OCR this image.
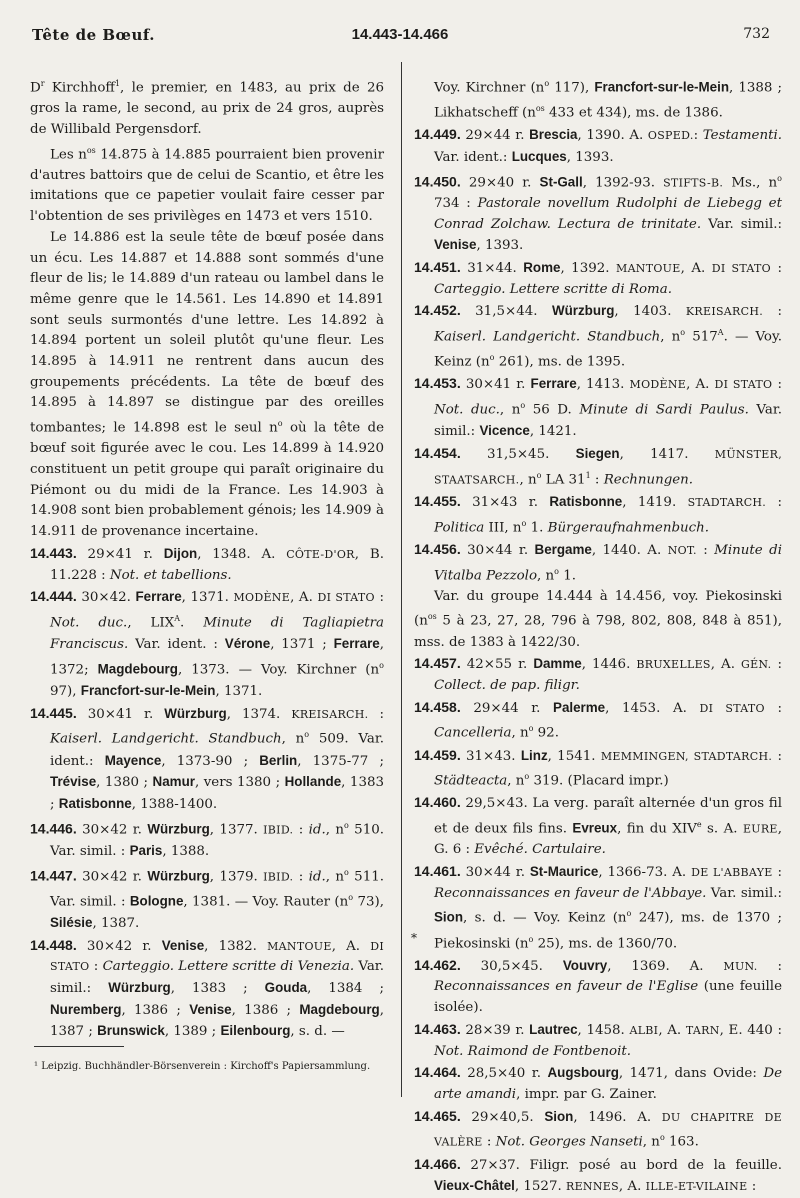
Tête de Bœuf.	14.443-14.466	732

$D^r$ Kirchhoff$^1$, le premier, en 1483, au prix de 26 gros la rame, le second, au prix de 24 gros, auprès de Willibald Pergensdorf.

Les $n^{os}$ 14.875 à 14.885 pourraient bien provenir d'autres battoirs que de celui de Scantio, et être les imitations que ce papetier voulait faire cesser par l'obtention de ses privilèges en 1473 et vers 1510.

Le 14.886 est la seule tête de bœuf posée dans un écu. Les 14.887 et 14.888 sont sommés d'une fleur de lis; le 14.889 d'un rateau ou lambel dans le même genre que le 14.561. Les 14.890 et 14.891 sont seuls surmontés d'une lettre. Les 14.892 à 14.894 portent un soleil plutôt qu'une fleur. Les 14.895 à 14.911 ne rentrent dans aucun des groupements précédents. La tête de bœuf des 14.895 à 14.897 se distingue par des oreilles tombantes; le 14.898 est le seul $n^o$ où la tête de bœuf soit figurée avec le cou. Les 14.899 à 14.920 constituent un petit groupe qui paraît originaire du Piémont ou du midi de la France. Les 14.903 à 14.908 sont bien probablement génois; les 14.909 à 14.911 de provenance incertaine.

14.443. 29×41 r. Dijon, 1348. A. CÔTE-D'OR, B. 11.228 : Not. et tabellions.

14.444. 30×42. Ferrare, 1371. MODÈNE, A. DI STATO : Not. duc., $LIX^A$. Minute di Tagliapietra Franciscus. Var. ident. : Vérone, 1371 ; Ferrare, 1372; Magdebourg, 1373. — Voy. Kirchner ($n^o$ 97), Francfort-sur-le-Mein, 1371.

14.445. 30×41 r. Würzburg, 1374. KREISARCH. : Kaiserl. Landgericht. Standbuch, $n^o$ 509. Var. ident.: Mayence, 1373-90 ; Berlin, 1375-77 ; Trévise, 1380 ; Namur, vers 1380 ; Hollande, 1383 ; Ratisbonne, 1388-1400.

14.446. 30×42 r. Würzburg, 1377. IBID. : id., $n^o$ 510. Var. simil. : Paris, 1388.

14.447. 30×42 r. Würzburg, 1379. IBID. : id., $n^o$ 511. Var. simil. : Bologne, 1381. — Voy. Rauter ($n^o$ 73), Silésie, 1387.

14.448. 30×42 r. Venise, 1382. MANTOUE, A. DI STATO : Carteggio. Lettere scritte di Venezia. Var. simil.: Würzburg, 1383 ; Gouda, 1384 ; Nuremberg, 1386 ; Venise, 1386 ; Magdebourg, 1387 ; Brunswick, 1389 ; Eilenbourg, s. d. —

Voy. Kirchner ($n^o$ 117), Francfort-sur-le-Mein, 1388 ; Likhatscheff ($n^{os}$ 433 et 434), ms. de 1386.

14.449. 29×44 r. Brescia, 1390. A. OSPED.: Testamenti. Var. ident.: Lucques, 1393.

14.450. 29×40 r. St-Gall, 1392-93. STIFTS-B. Ms., $n^o$ 734 : Pastorale novellum Rudolphi de Liebegg et Conrad Zolchaw. Lectura de trinitate. Var. simil.: Venise, 1393.

14.451. 31×44. Rome, 1392. MANTOUE, A. DI STATO : Carteggio. Lettere scritte di Roma.

14.452. 31,5×44. Würzburg, 1403. KREISARCH. : Kaiserl. Landgericht. Standbuch, $n^o$ $517^A$. — Voy. Keinz ($n^o$ 261), ms. de 1395.

14.453. 30×41 r. Ferrare, 1413. MODÈNE, A. DI STATO : Not. duc., $n^o$ 56 D. Minute di Sardi Paulus. Var. simil.: Vicence, 1421.

14.454. 31,5×45. Siegen, 1417. MÜNSTER, STAATSARCH., $n^o$ LA $31^1$ : Rechnungen.

14.455. 31×43 r. Ratisbonne, 1419. STADTARCH. : Politica III, $n^o$ 1. Bürgeraufnahmenbuch.

14.456. 30×44 r. Bergame, 1440. A. NOT. : Minute di Vitalba Pezzolo, $n^o$ 1.

Var. du groupe 14.444 à 14.456, voy. Piekosinski ($n^{os}$ 5 à 23, 27, 28, 796 à 798, 802, 808, 848 à 851), mss. de 1383 à 1422/30.

14.457. 42×55 r. Damme, 1446. BRUXELLES, A. GÉN. : Collect. de pap. filigr.

14.458. 29×44 r. Palerme, 1453. A. DI STATO : Cancelleria, $n^o$ 92.

14.459. 31×43. Linz, 1541. MEMMINGEN, STADTARCH. : Städteacta, $n^o$ 319. (Placard impr.)

14.460. 29,5×43. La verg. paraît alternée d'un gros fil et de deux fils fins. Evreux, fin du XIVe s. A. EURE, G. 6 : Evêché. Cartulaire.

14.461. 30×44 r. St-Maurice, 1366-73. A. DE L'ABBAYE : Reconnaissances en faveur de l'Abbaye. Var. simil.: Sion, s. d. — Voy. Keinz ($n^o$ 247), ms. de 1370 ; Piekosinski ($n^o$ 25), ms. de 1360/70.

14.462. 30,5×45. Vouvry, 1369. A. MUN. : Reconnaissances en faveur de l'Eglise (une feuille isolée).

14.463. 28×39 r. Lautrec, 1458. ALBI, A. TARN, E. 440 : Not. Raimond de Fontbenoit.

14.464. 28,5×40 r. Augsbourg, 1471, dans Ovide: De arte amandi, impr. par G. Zainer.

14.465. 29×40,5. Sion, 1496. A. DU CHAPITRE DE VALÈRE : Not. Georges Nanseti, $n^o$ 163.

14.466. 27×37. Filigr. posé au bord de la feuille. Vieux-Châtel, 1527. RENNES, A. ILLE-ET-VILAINE :

*
¹ Leipzig. Buchhändler-Börsenverein : Kirchoff's Papiersammlung.
